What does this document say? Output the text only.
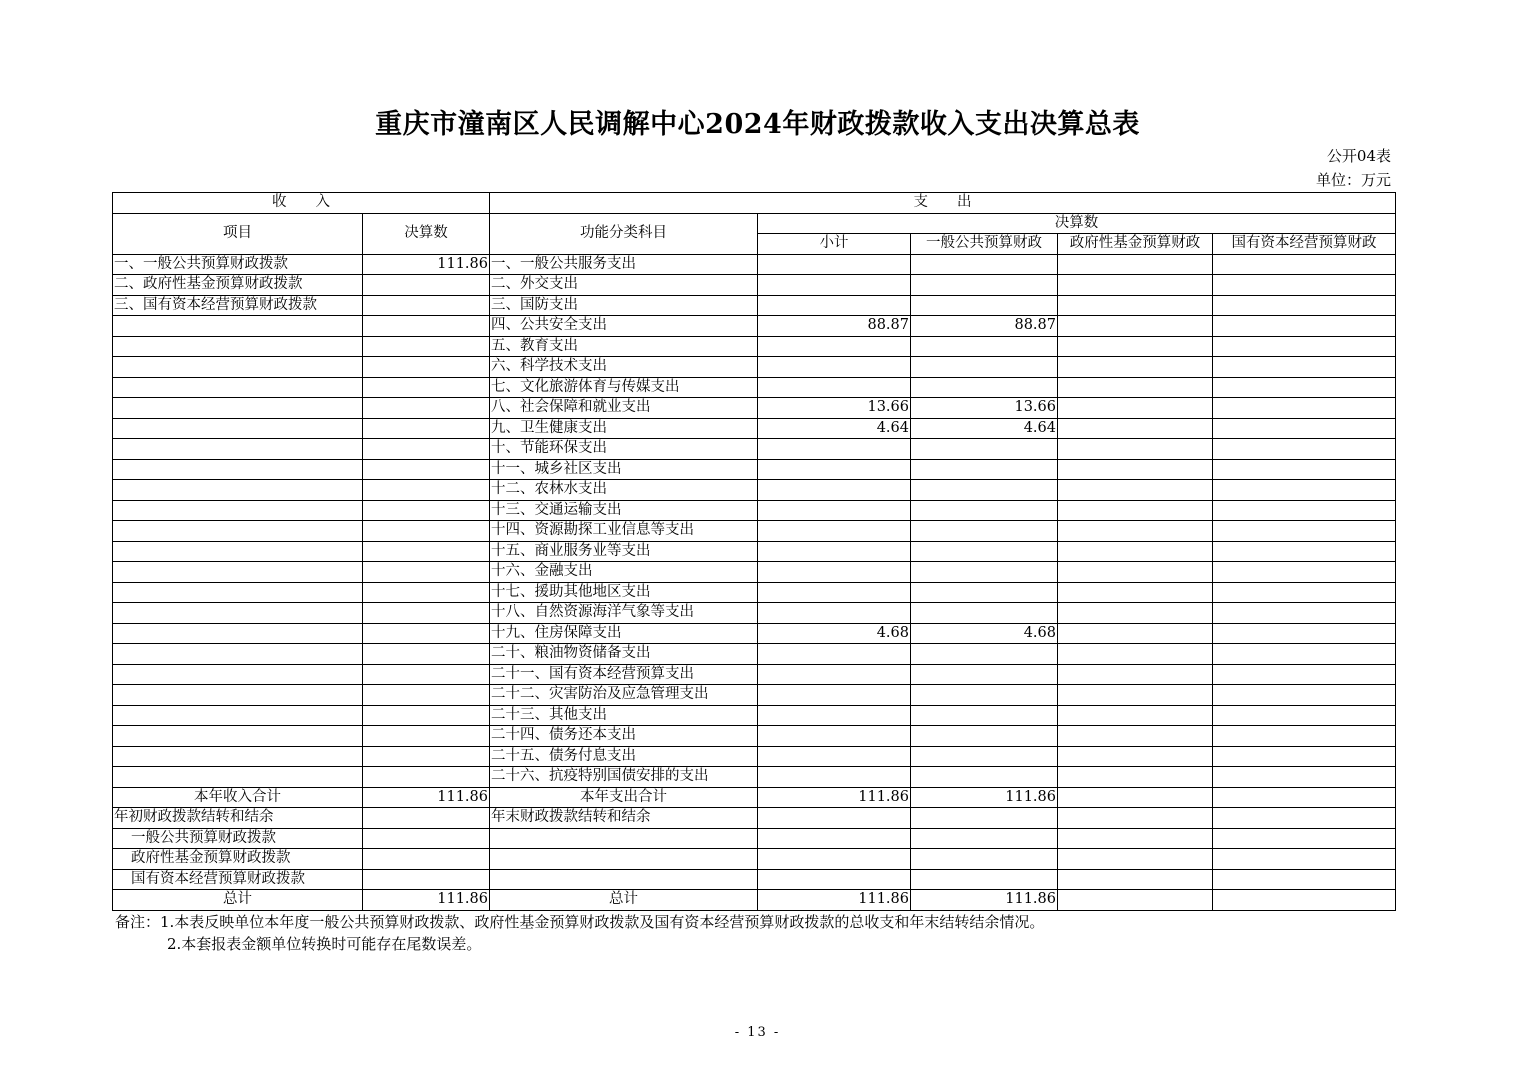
重庆市潼南区人民调解中心2024年财政拨款收入支出决算总表
公开04表
单位：万元
收　　入		支　　出				
项目	决算数	功能分类科目	决算数			
			小计	一般公共预算财政	政府性基金预算财政	国有资本经营预算财政
一、一般公共预算财政拨款	111.86	一、一般公共服务支出				
二、政府性基金预算财政拨款		二、外交支出				
三、国有资本经营预算财政拨款		三、国防支出				
		四、公共安全支出	88.87	88.87		
		五、教育支出				
		六、科学技术支出				
		七、文化旅游体育与传媒支出				
		八、社会保障和就业支出	13.66	13.66		
		九、卫生健康支出	4.64	4.64		
		十、节能环保支出				
		十一、城乡社区支出				
		十二、农林水支出				
		十三、交通运输支出				
		十四、资源勘探工业信息等支出				
		十五、商业服务业等支出				
		十六、金融支出				
		十七、援助其他地区支出				
		十八、自然资源海洋气象等支出				
		十九、住房保障支出	4.68	4.68		
		二十、粮油物资储备支出				
		二十一、国有资本经营预算支出				
		二十二、灾害防治及应急管理支出				
		二十三、其他支出				
		二十四、债务还本支出				
		二十五、债务付息支出				
		二十六、抗疫特别国债安排的支出				
本年收入合计	111.86	本年支出合计	111.86	111.86		
年初财政拨款结转和结余		年末财政拨款结转和结余				
一般公共预算财政拨款						
政府性基金预算财政拨款						
国有资本经营预算财政拨款						
总计	111.86	总计	111.86	111.86		
备注：1.本表反映单位本年度一般公共预算财政拨款、政府性基金预算财政拨款及国有资本经营预算财政拨款的总收支和年末结转结余情况。
2.本套报表金额单位转换时可能存在尾数误差。
- 13 -
